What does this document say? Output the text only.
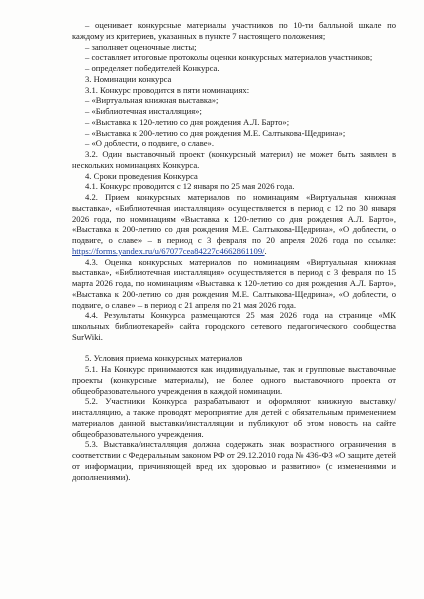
– оценивает конкурсные материалы участников по 10-ти балльной шкале по каждому из критериев, указанных в пункте 7 настоящего положения;

– заполняет оценочные листы;

– составляет итоговые протоколы оценки конкурсных материалов участников;

– определяет победителей Конкурса.

3. Номинации конкурса

3.1. Конкурс проводится в пяти номинациях:

– «Виртуальная книжная выставка»;

– «Библиотечная инсталляция»;

– «Выставка к 120-летию со дня рождения А.Л. Барто»;

– «Выставка к 200-летию со дня рождения М.Е. Салтыкова-Щедрина»;

– «О доблести, о подвиге, о славе».

3.2. Один выставочный проект (конкурсный материл) не может быть заявлен в нескольких номинациях Конкурса.

4. Сроки проведения Конкурса

4.1. Конкурс проводится с 12 января по 25 мая 2026 года.

4.2. Прием конкурсных материалов по номинациям «Виртуальная книжная выставка», «Библиотечная инсталляция» осуществляется в период с 12 по 30 января 2026 года, по номинациям «Выставка к 120-летию со дня рождения А.Л. Барто», «Выставка к 200-летию со дня рождения М.Е. Салтыкова-Щедрина», «О доблести, о подвиге, о славе» – в период с 3 февраля по 20 апреля 2026 года по ссылке: https://forms.yandex.ru/u/67077cea84227c4662861109/.

4.3. Оценка конкурсных материалов по номинациям «Виртуальная книжная выставка», «Библиотечная инсталляция» осуществляется в период с 3 февраля по 15 марта 2026 года, по номинациям «Выставка к 120-летию со дня рождения А.Л. Барто», «Выставка к 200-летию со дня рождения М.Е. Салтыкова-Щедрина», «О доблести, о подвиге, о славе» – в период с 21 апреля по 21 мая 2026 года.

4.4. Результаты Конкурса размещаются 25 мая 2026 года на странице «МК школьных библиотекарей» сайта городского сетевого педагогического сообщества SurWiki.

5. Условия приема конкурсных материалов

5.1. На Конкурс принимаются как индивидуальные, так и групповые выставочные проекты (конкурсные материалы), не более одного выставочного проекта от общеобразовательного учреждения в каждой номинации.

5.2. Участники Конкурса разрабатывают и оформляют книжную выставку/инсталляцию, а также проводят мероприятие для детей с обязательным применением материалов данной выставки/инсталляции и публикуют об этом новость на сайте общеобразовательного учреждения.

5.3. Выставка/инсталляция должна содержать знак возрастного ограничения в соответствии с Федеральным законом РФ от 29.12.2010 года № 436-ФЗ «О защите детей от информации, причиняющей вред их здоровью и развитию» (с изменениями и дополнениями).
